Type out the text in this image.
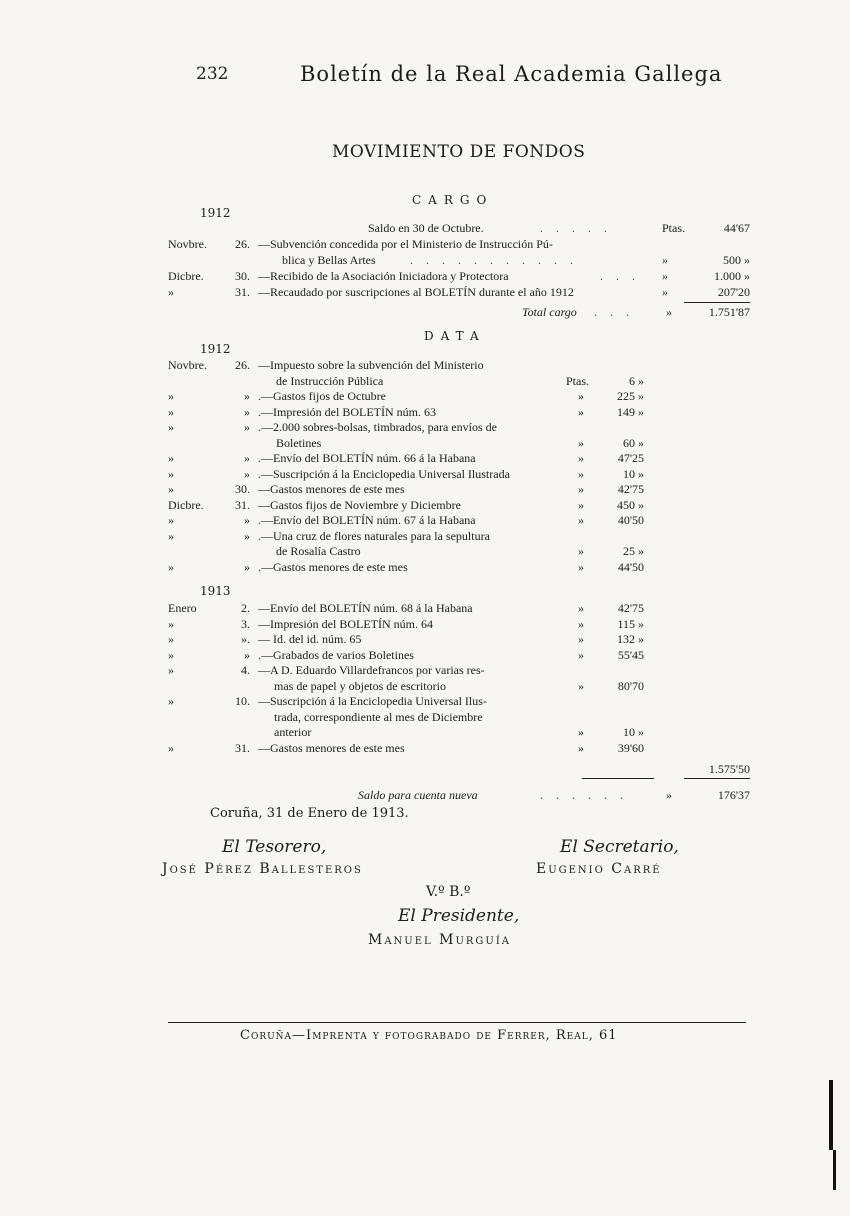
232	Boletín de la Real Academia Gallega
MOVIMIENTO DE FONDOS
CARGO
1912
Saldo en 30 de Octubre.	Ptas.	44'67
. . . . .
Novbre.	26. —Subvención concedida por el Ministerio de Instrucción Pú-
blica y Bellas Artes	»	500 »
. . . . . . . . . . .
Dicbre.	30. —Recibido de la Asociación Iniciadora y Protectora	»	1.000 »
. . .
»	31. —Recaudado por suscripciones al BOLETÍN durante el año 1912	»	207'20
Total cargo . . .	»	1.751'87
DATA
1912
Novbre.	26. —Impuesto sobre la subvención del Ministerio
de Instrucción Pública	Ptas.	6 »
»	» .—Gastos fijos de Octubre	»	225 »
»	» .—Impresión del BOLETÍN núm. 63	»	149 »
»	» .—2.000 sobres-bolsas, timbrados, para envíos de
Boletines	»	60 »
»	» .—Envío del BOLETÍN núm. 66 á la Habana	»	47'25
»	» .—Suscripción á la Enciclopedia Universal Ilustrada	»	10 »
»	30. —Gastos menores de este mes	»	42'75
Dicbre.	31. —Gastos fijos de Noviembre y Diciembre	»	450 »
»	» .—Envío del BOLETÍN núm. 67 á la Habana	»	40'50
»	» .—Una cruz de flores naturales para la sepultura
de Rosalía Castro	»	25 »
»	» .—Gastos menores de este mes	»	44'50
1913
Enero	2. —Envío del BOLETÍN núm. 68 á la Habana	»	42'75
»	3. —Impresión del BOLETÍN núm. 64	»	115 »
»	». — Id. del id. núm. 65	»	132 »
»	» .—Grabados de varios Boletines	»	55'45
»	4. —A D. Eduardo Villardefrancos por varias res-
mas de papel y objetos de escritorio	»	80'70
»	10. —Suscripción á la Enciclopedia Universal Ilus-
trada, correspondiente al mes de Diciembre
anterior	»	10 »
»	31. —Gastos menores de este mes	»	39'60
1.575'50
Saldo para cuenta nueva	. . . . . .	»	176'37
Coruña, 31 de Enero de 1913.
El Tesorero,
José Pérez Ballesteros
El Secretario,
Eugenio Carré
V.º B.º
El Presidente,
Manuel Murguía
Coruña—Imprenta y fotograbado de Ferrer, Real, 61
